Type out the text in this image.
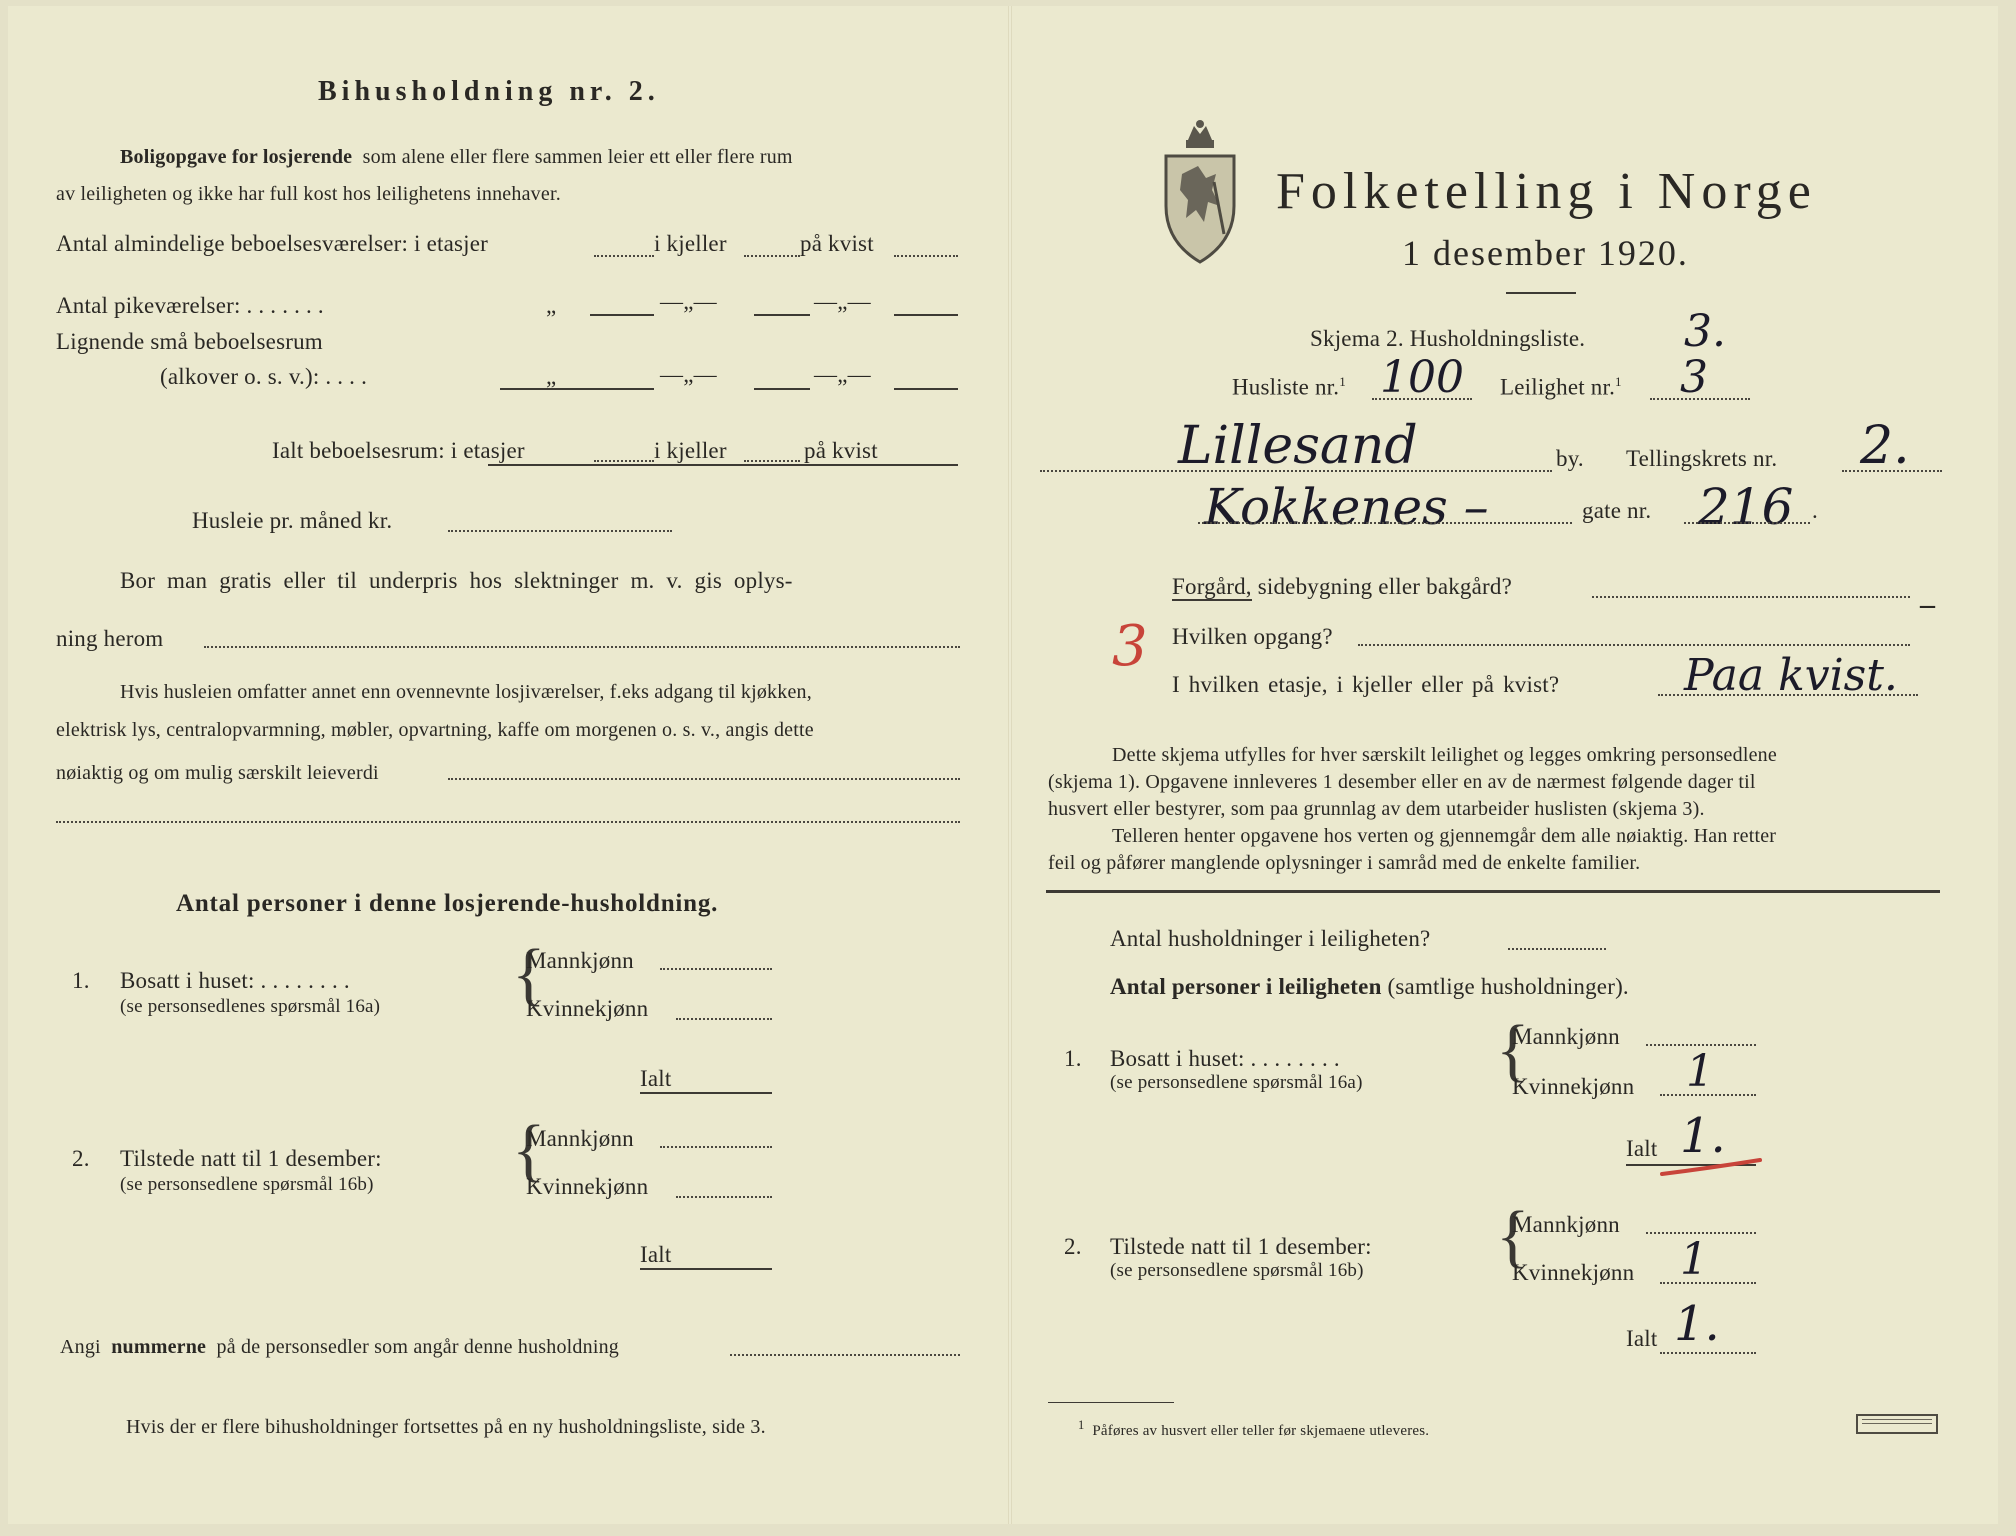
Bihusholdning nr. 2.
Boligopgave for losjerende som alene eller flere sammen leier ett eller flere rum
av leiligheten og ikke har full kost hos leilighetens innehaver.
Antal almindelige beboelsesværelser: i etasjer	i kjeller	på kvist
Antal pikeværelser: . . . . . . .	„	—„—	—„—
Lignende små beboelsesrum
(alkover o. s. v.): . . . .	„	—„—	—„—
Ialt beboelsesrum: i etasjer	i kjeller	på kvist
Husleie pr. måned kr.
Bor man gratis eller til underpris hos slektninger m. v. gis oplys-
ning herom
Hvis husleien omfatter annet enn ovennevnte losjiværelser, f.eks adgang til kjøkken,
elektrisk lys, centralopvarmning, møbler, opvartning, kaffe om morgenen o. s. v., angis dette
nøiaktig og om mulig særskilt leieverdi
Antal personer i denne losjerende-husholdning.
1. Bosatt i huset: . . . . . . . .
(se personsedlenes spørsmål 16a) {
Mannkjønn
Kvinnekjønn
Ialt
2. Tilstede natt til 1 desember:
(se personsedlene spørsmål 16b) {
Mannkjønn
Kvinnekjønn
Ialt
Angi nummerne på de personsedler som angår denne husholdning
Hvis der er flere bihusholdninger fortsettes på en ny husholdningsliste, side 3.
Folketelling i Norge
1 desember 1920.
Skjema 2. Husholdningsliste. 3.
Husliste nr.$^1$ 100 Leilighet nr.$^1$ 3
Lillesand	by. Tellingskrets nr. 2.
Kokkenes –	gate nr. 216 .
Forgård, sidebygning eller bakgård?
–
3 Hvilken opgang?
I hvilken etasje, i kjeller eller på kvist?	Paa kvist.
Dette skjema utfylles for hver særskilt leilighet og legges omkring personsedlene
(skjema 1). Opgavene innleveres 1 desember eller en av de nærmest følgende dager til
husvert eller bestyrer, som paa grunnlag av dem utarbeider huslisten (skjema 3).
Telleren henter opgavene hos verten og gjennemgår dem alle nøiaktig. Han retter
feil og påfører manglende oplysninger i samråd med de enkelte familier.
Antal husholdninger i leiligheten?
Antal personer i leiligheten (samtlige husholdninger).
1. Bosatt i huset: . . . . . . . .
(se personsedlene spørsmål 16a) {
Mannkjønn
Kvinnekjønn 1
Ialt 1.
2. Tilstede natt til 1 desember:
(se personsedlene spørsmål 16b) {
Mannkjønn
Kvinnekjønn 1
Ialt 1.
$^1$ Påføres av husvert eller teller før skjemaene utleveres.
